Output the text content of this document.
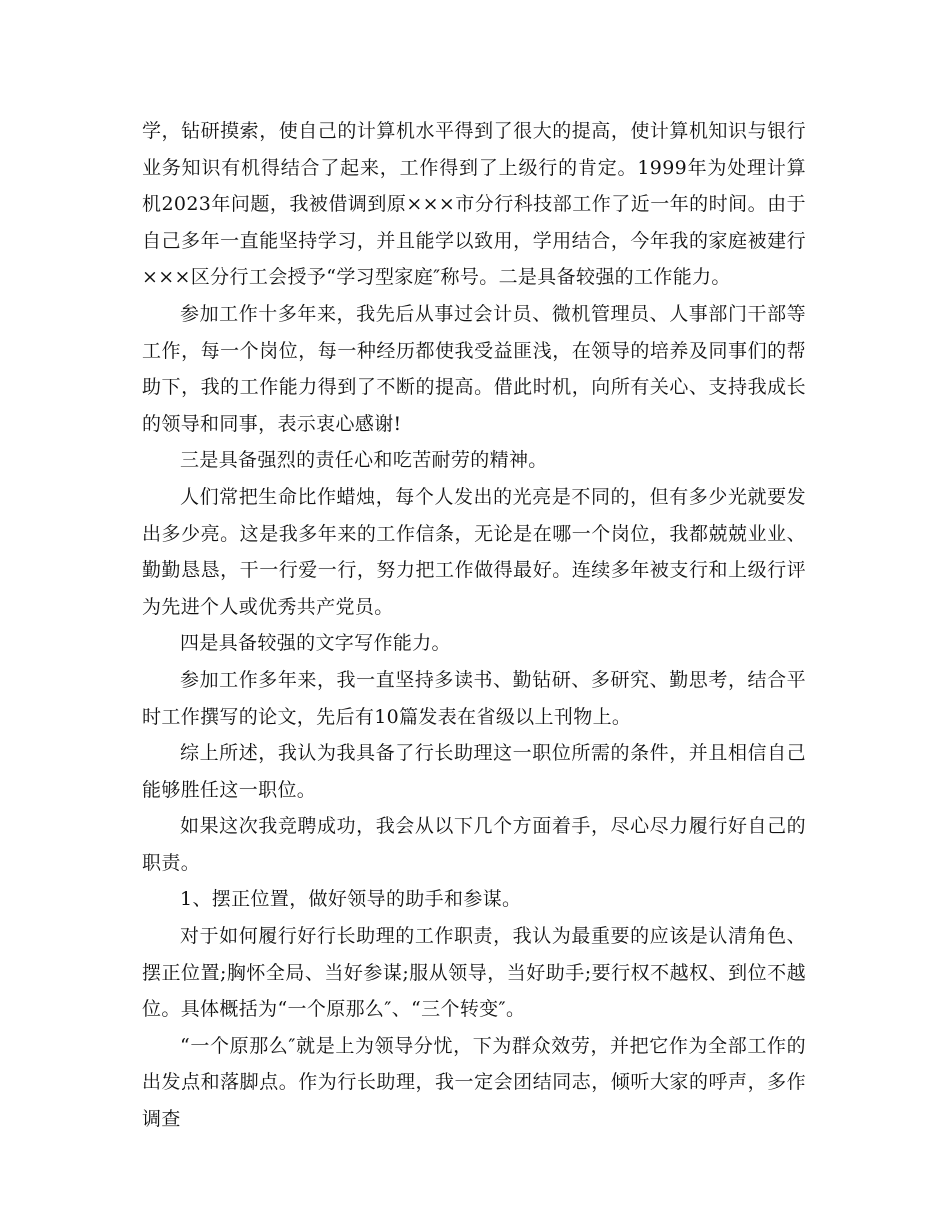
学，钻研摸索，使自己的计算机水平得到了很大的提高，使计算机知识与银行业务知识有机得结合了起来，工作得到了上级行的肯定。1999年为处理计算机2023年问题，我被借调到原×××市分行科技部工作了近一年的时间。由于自己多年一直能坚持学习，并且能学以致用，学用结合，今年我的家庭被建行×××区分行工会授予“学习型家庭″称号。二是具备较强的工作能力。

参加工作十多年来，我先后从事过会计员、微机管理员、人事部门干部等工作，每一个岗位，每一种经历都使我受益匪浅，在领导的培养及同事们的帮助下，我的工作能力得到了不断的提高。借此时机，向所有关心、支持我成长的领导和同事，表示衷心感谢!

三是具备强烈的责任心和吃苦耐劳的精神。

人们常把生命比作蜡烛，每个人发出的光亮是不同的，但有多少光就要发出多少亮。这是我多年来的工作信条，无论是在哪一个岗位，我都兢兢业业、勤勤恳恳，干一行爱一行，努力把工作做得最好。连续多年被支行和上级行评为先进个人或优秀共产党员。

四是具备较强的文字写作能力。

参加工作多年来，我一直坚持多读书、勤钻研、多研究、勤思考，结合平时工作撰写的论文，先后有10篇发表在省级以上刊物上。

综上所述，我认为我具备了行长助理这一职位所需的条件，并且相信自己能够胜任这一职位。

如果这次我竞聘成功，我会从以下几个方面着手，尽心尽力履行好自己的职责。

1、摆正位置，做好领导的助手和参谋。

对于如何履行好行长助理的工作职责，我认为最重要的应该是认清角色、摆正位置;胸怀全局、当好参谋;服从领导，当好助手;要行权不越权、到位不越位。具体概括为“一个原那么″、“三个转变″。

“一个原那么″就是上为领导分忧，下为群众效劳，并把它作为全部工作的出发点和落脚点。作为行长助理，我一定会团结同志，倾听大家的呼声，多作调查
